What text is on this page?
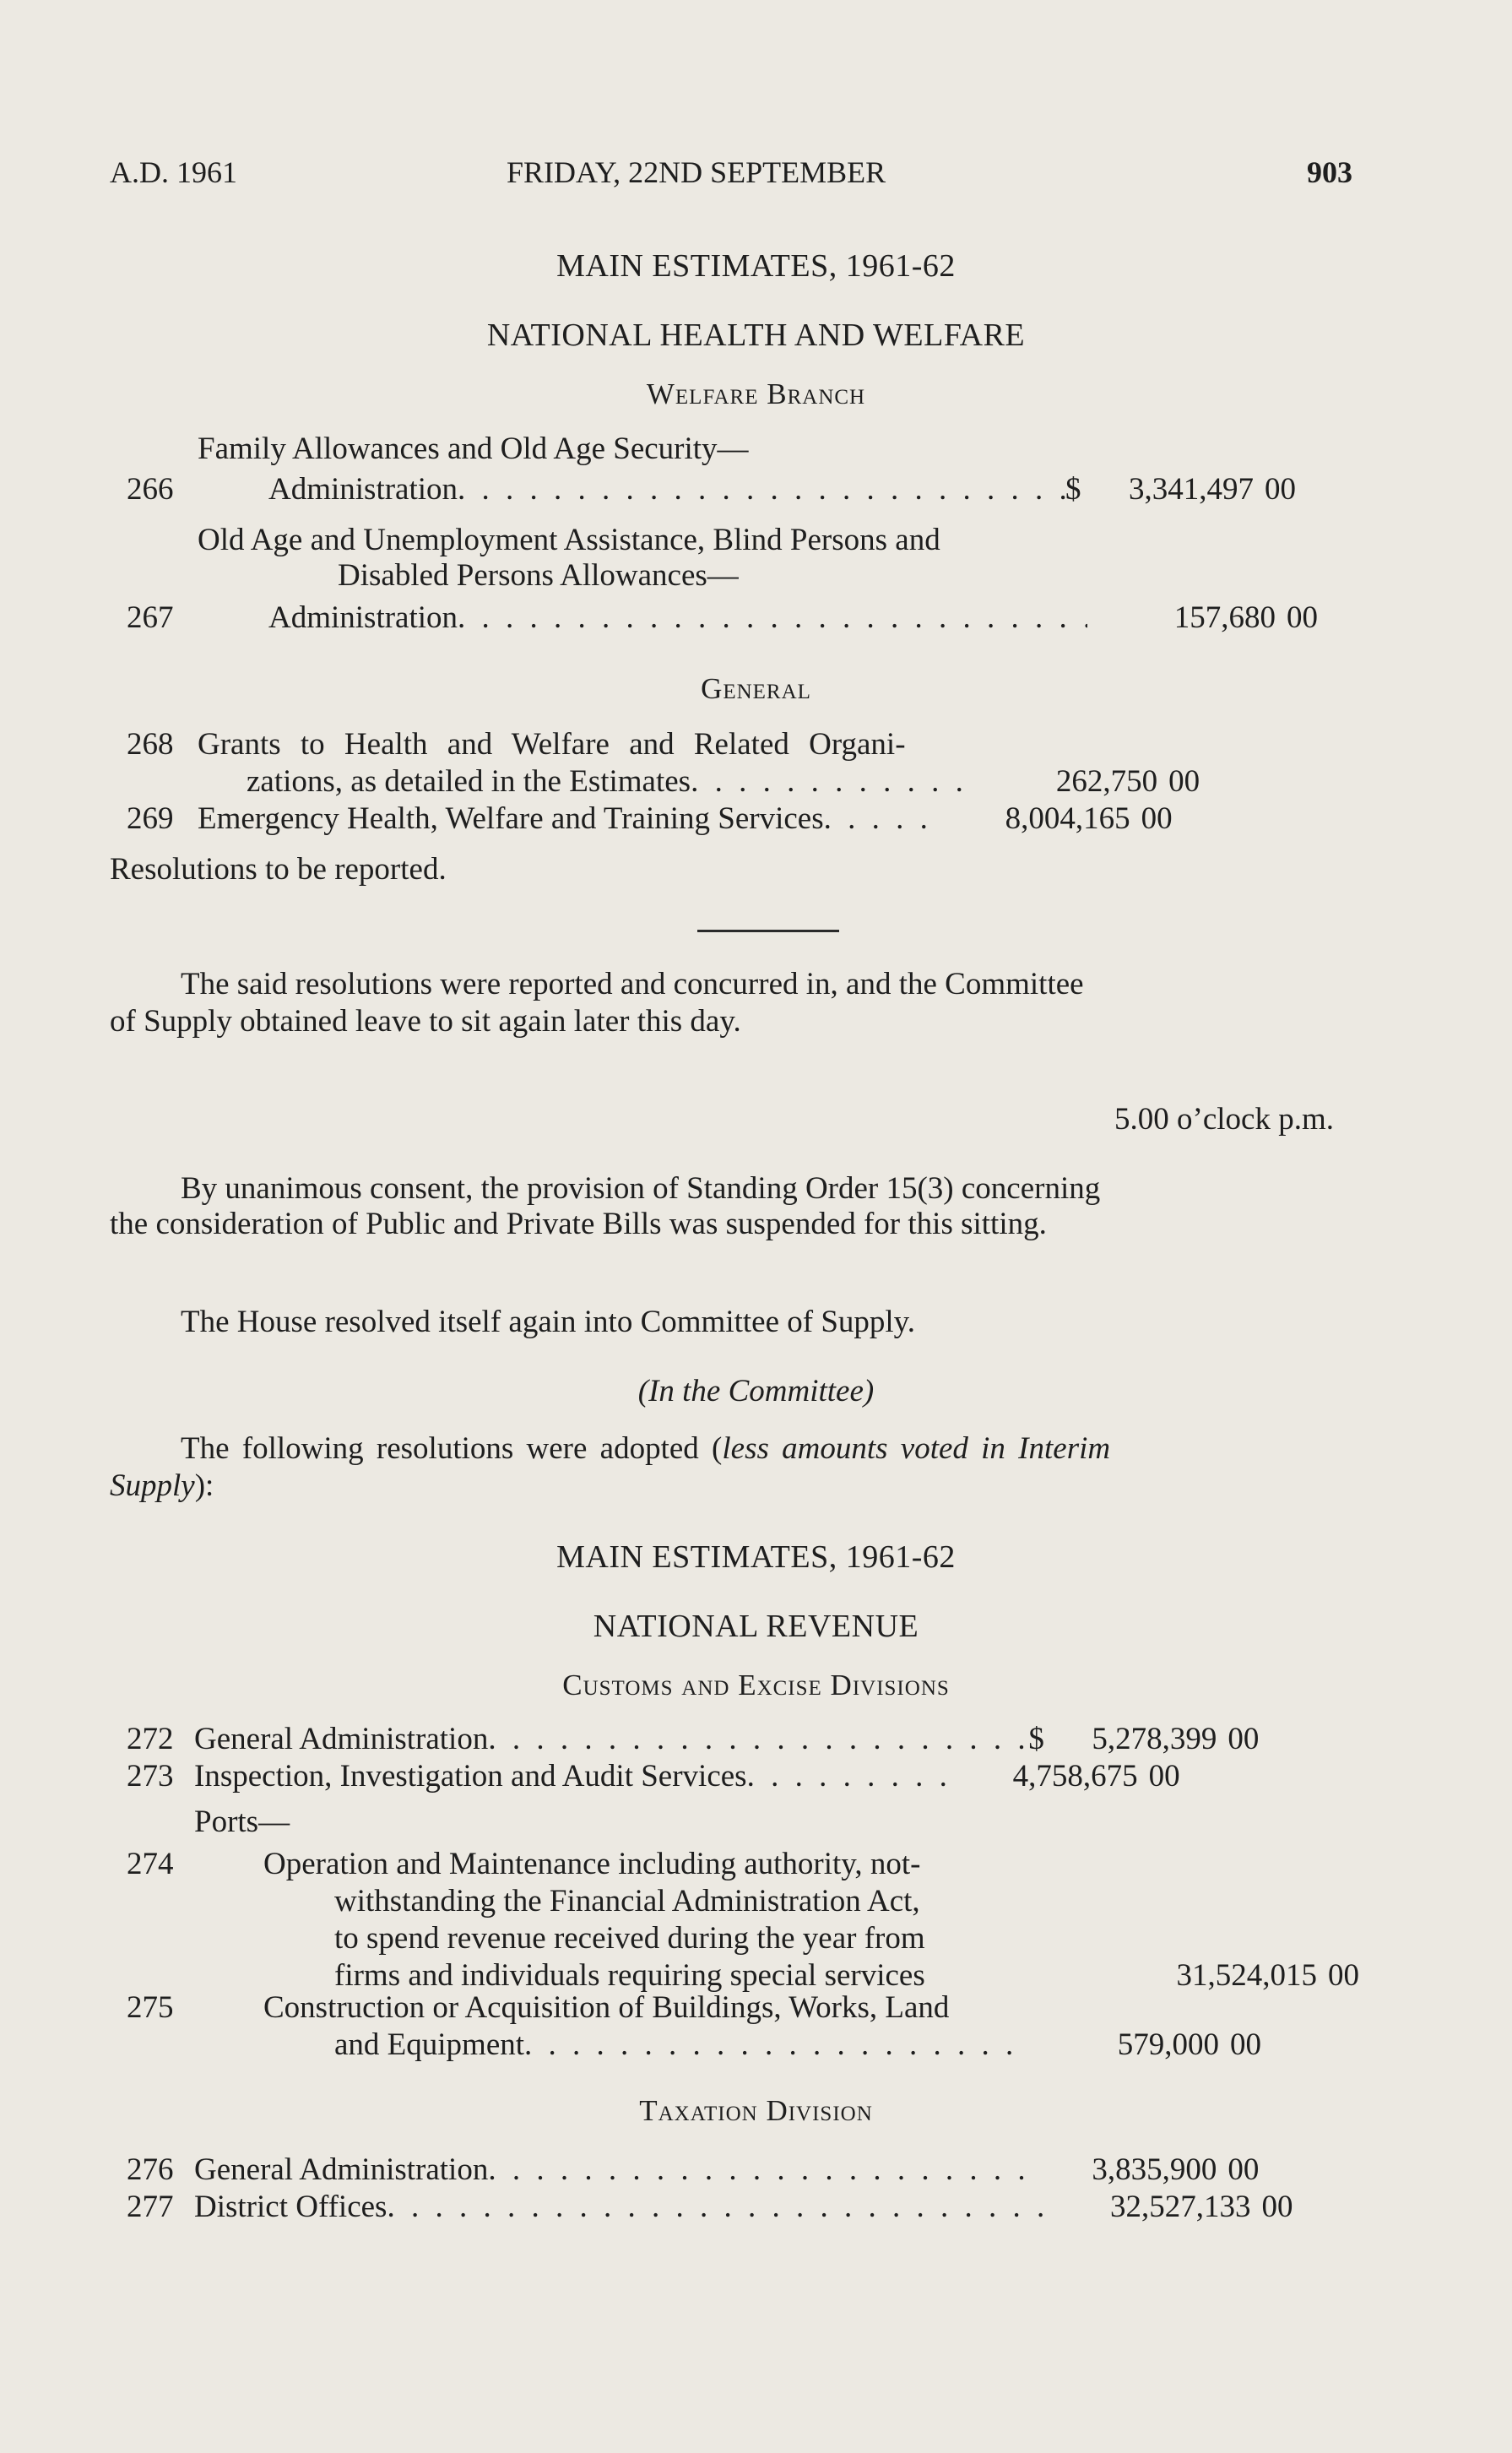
A.D. 1961	FRIDAY, 22ND SEPTEMBER	903
MAIN ESTIMATES, 1961-62
NATIONAL HEALTH AND WELFARE
Welfare Branch
Family Allowances and Old Age Security—
266	Administration . . .	$	3,341,497 00
Old Age and Unemployment Assistance, Blind Persons and
Disabled Persons Allowances—
267	Administration . . .	157,680 00
General
268 Grants to Health and Welfare and Related Organi-
zations, as detailed in the Estimates . . .	262,750 00
269 Emergency Health, Welfare and Training Services . . .	8,004,165 00
Resolutions to be reported.
The said resolutions were reported and concurred in, and the Committee
of Supply obtained leave to sit again later this day.
5.00 o’clock p.m.
By unanimous consent, the provision of Standing Order 15(3) concerning
the consideration of Public and Private Bills was suspended for this sitting.
The House resolved itself again into Committee of Supply.
(In the Committee)
The following resolutions were adopted (less amounts voted in Interim
Supply):
MAIN ESTIMATES, 1961-62
NATIONAL REVENUE
Customs and Excise Divisions
272 General Administration . . .	$	5,278,399 00
273 Inspection, Investigation and Audit Services . . .	4,758,675 00
Ports—
274	Operation and Maintenance including authority, not-
withstanding the Financial Administration Act,
to spend revenue received during the year from
firms and individuals requiring special services	31,524,015 00
275	Construction or Acquisition of Buildings, Works, Land
and Equipment . . .	579,000 00
Taxation Division
276 General Administration . . .	3,835,900 00
277 District Offices . . .	32,527,133 00
